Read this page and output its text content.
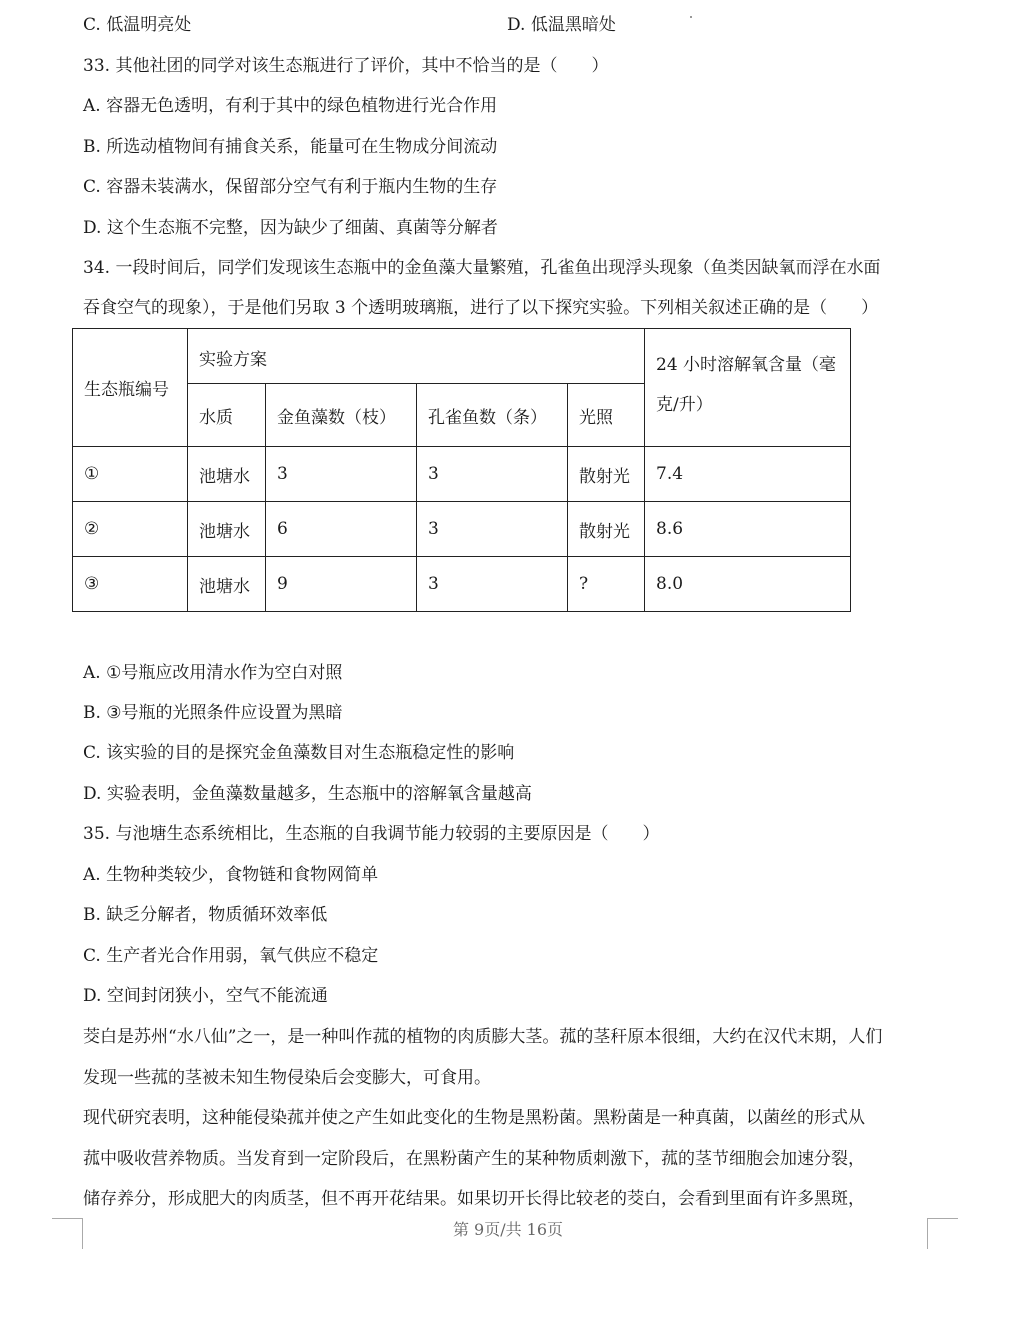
C. 低温明亮处	D. 低温黑暗处
33. 其他社团的同学对该生态瓶进行了评价，其中不恰当的是（　　）
A. 容器无色透明，有利于其中的绿色植物进行光合作用
B. 所选动植物间有捕食关系，能量可在生物成分间流动
C. 容器未装满水，保留部分空气有利于瓶内生物的生存
D. 这个生态瓶不完整，因为缺少了细菌、真菌等分解者
34. 一段时间后，同学们发现该生态瓶中的金鱼藻大量繁殖，孔雀鱼出现浮头现象（鱼类因缺氧而浮在水面
吞食空气的现象），于是他们另取 3 个透明玻璃瓶，进行了以下探究实验。下列相关叙述正确的是（　　）
生态瓶编号	实验方案				24 小时溶解氧含量（毫克/升）
	水质	金鱼藻数（枝）	孔雀鱼数（条）	光照	
①	池塘水	3	3	散射光	7.4
②	池塘水	6	3	散射光	8.6
③	池塘水	9	3	?	8.0
A. ①号瓶应改用清水作为空白对照
B. ③号瓶的光照条件应设置为黑暗
C. 该实验的目的是探究金鱼藻数目对生态瓶稳定性的影响
D. 实验表明，金鱼藻数量越多，生态瓶中的溶解氧含量越高
35. 与池塘生态系统相比，生态瓶的自我调节能力较弱的主要原因是（　　）
A. 生物种类较少，食物链和食物网简单
B. 缺乏分解者，物质循环效率低
C. 生产者光合作用弱，氧气供应不稳定
D. 空间封闭狭小，空气不能流通
茭白是苏州“水八仙”之一，是一种叫作菰的植物的肉质膨大茎。菰的茎秆原本很细，大约在汉代末期，人们
发现一些菰的茎被未知生物侵染后会变膨大，可食用。
现代研究表明，这种能侵染菰并使之产生如此变化的生物是黑粉菌。黑粉菌是一种真菌，以菌丝的形式从
菰中吸收营养物质。当发育到一定阶段后，在黑粉菌产生的某种物质刺激下，菰的茎节细胞会加速分裂，
储存养分，形成肥大的肉质茎，但不再开花结果。如果切开长得比较老的茭白，会看到里面有许多黑斑，
第 9页/共 16页
